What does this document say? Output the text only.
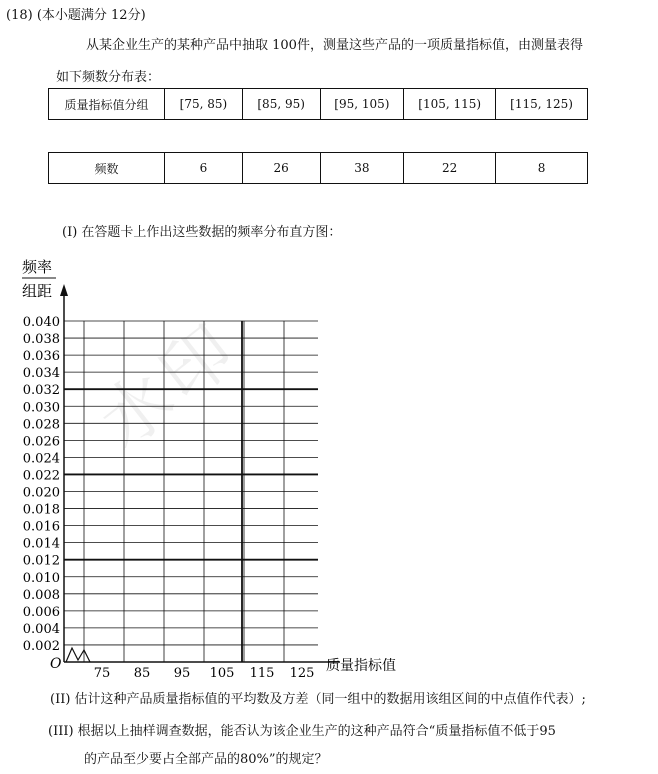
(18) (本小题满分 12分)
从某企业生产的某种产品中抽取 100件，测量这些产品的一项质量指标值，由测量表得
如下频数分布表：
质量指标值分组	[75, 85)	[85, 95)	[95, 105)	[105, 115)	[115, 125)
频数	6	26	38	22	8
(I) 在答题卡上作出这些数据的频率分布直方图：
0.040
0.038
0.036
0.034
0.032
0.030
0.028
0.026
0.024
0.022
0.020
0.018
0.016
0.014
0.012
0.010
0.008
0.006
0.004
0.002
75 85 95 105 115 125
频率
组距
O	质量指标值
水印
(II) 估计这种产品质量指标值的平均数及方差（同一组中的数据用该组区间的中点值作代表）;
(III) 根据以上抽样调查数据，能否认为该企业生产的这种产品符合“质量指标值不低于95
的产品至少要占全部产品的80%”的规定？
